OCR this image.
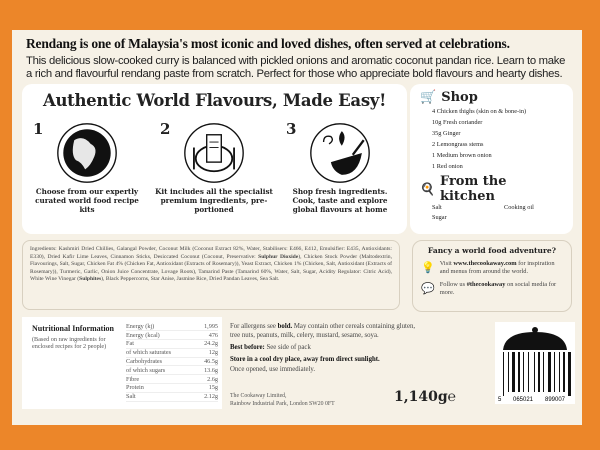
Rendang is one of Malaysia's most iconic and loved dishes, often served at celebrations.
This delicious slow-cooked curry is balanced with pickled onions and aromatic coconut pandan rice. Learn to make a rich and flavourful rendang paste from scratch. Perfect for those who appreciate bold flavours and hearty dishes.
Authentic World Flavours, Made Easy!
1
Choose from our expertly curated world food recipe kits
2
Kit includes all the specialist premium ingredients, pre-portioned
3
Shop fresh ingredients. Cook, taste and explore global flavours at home
🛒 Shop
4 Chicken thighs (skin on & bone-in)
10g Fresh coriander
35g Ginger
2 Lemongrass stems
1 Medium brown onion
1 Red onion
🍳 From the kitchen
Salt	Cooking oil
Sugar
Ingredients: Kashmiri Dried Chillies, Galangal Powder, Coconut Milk (Coconut Extract 82%, Water, Stabilisers: E466, E412, Emulsifier: E435, Antioxidants: E330), Dried Kafir Lime Leaves, Cinnamon Sticks, Desiccated Coconut (Coconut, Preservative: Sulphur Dioxide), Chicken Stock Powder (Maltodextrin, Flavourings, Salt, Sugar, Chicken Fat 4% (Chicken Fat, Antioxidant (Extracts of Rosemary)), Yeast Extract, Chicken 1% (Chicken, Salt, Antioxidant (Extracts of Rosemary)), Turmeric, Garlic, Onion Juice Concentrate, Lovage Roots), Tamarind Paste (Tamarind 60%, Water, Salt, Sugar, Acidity Regulator: Citric Acid), White Wine Vinegar (Sulphites), Black Peppercorns, Star Anise, Jasmine Rice, Dried Pandan Leaves, Sea Salt.
Fancy a world food adventure?
💡 Visit www.thecookaway.com for inspiration and menus from around the world.
💬 Follow us #thecookaway on social media for more.
Nutritional Information
(Based on raw ingredients for enclosed recipes for 2 people)
Energy (kj)	1,995
Energy (kcal)	476
Fat	24.2g
of which saturates	12g
Carbohydrates	46.5g
of which sugars	13.6g
Fibre	2.6g
Protein	15g
Salt	2.12g

For allergens see bold. May contain other cereals containing gluten, tree nuts, peanuts, milk, celery, mustard, sesame, soya.

Best before: See side of pack

Store in a cool dry place, away from direct sunlight.

Once opened, use immediately.

The Cookaway Limited,
Rainbow Industrial Park, London SW20 0FT	1,140g℮	5 065021 899007
